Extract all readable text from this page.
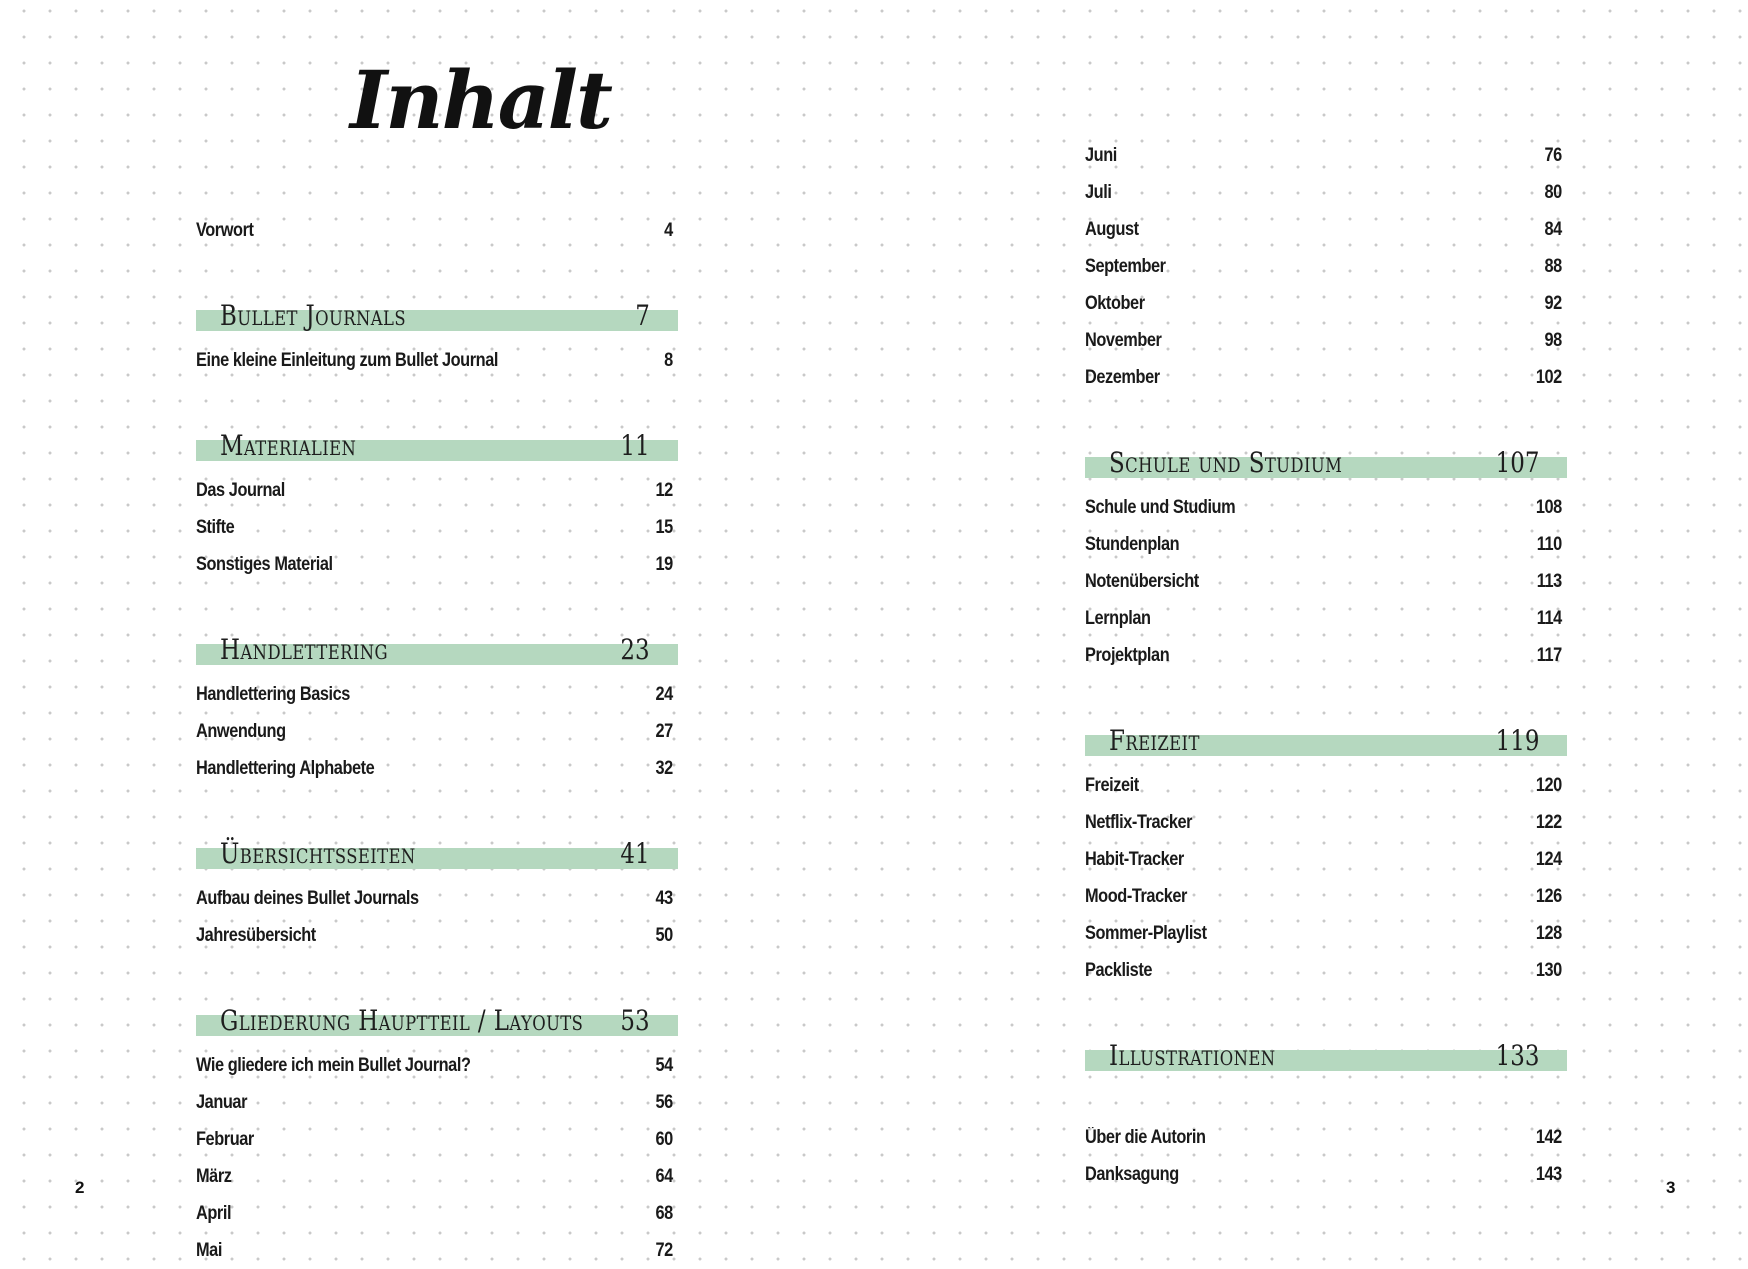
Inhalt
Vorwort	4
Bullet Journals	7
Eine kleine Einleitung zum Bullet Journal	8
Materialien	11
Das Journal	12
Stifte	15
Sonstiges Material	19
Handlettering	23
Handlettering Basics	24
Anwendung	27
Handlettering Alphabete	32
Übersichtsseiten	41
Aufbau deines Bullet Journals	43
Jahresübersicht	50
Gliederung Hauptteil / Layouts 53
Wie gliedere ich mein Bullet Journal?	54
Januar	56
Februar	60
März	64
April	68
Mai	72
2
Juni	76
Juli	80
August	84
September	88
Oktober	92
November	98
Dezember	102
Schule und Studium	107
Schule und Studium	108
Stundenplan	110
Notenübersicht	113
Lernplan	114
Projektplan	117
Freizeit	119
Freizeit	120
Netflix-Tracker	122
Habit-Tracker	124
Mood-Tracker	126
Sommer-Playlist	128
Packliste	130
Illustrationen	133
Über die Autorin	142
Danksagung	143
3
